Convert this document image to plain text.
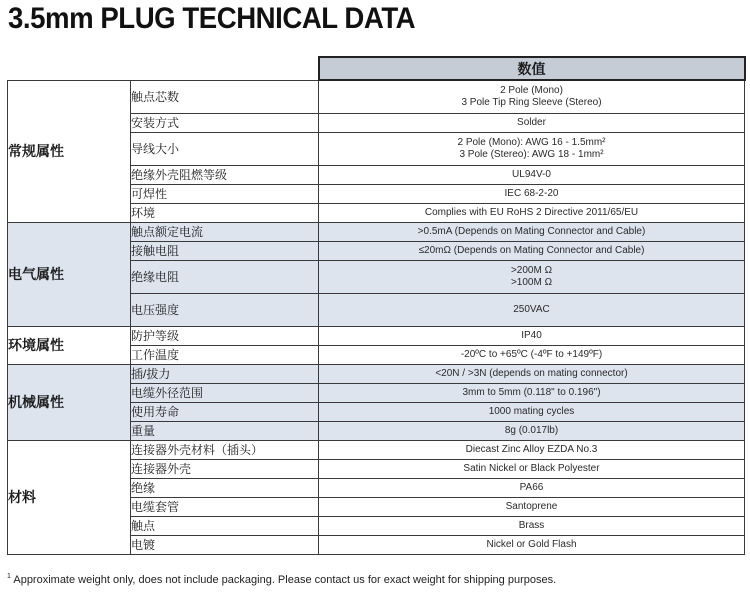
3.5mm PLUG TECHNICAL DATA
		数值
常规属性	触点芯数	2 Pole (Mono)
3 Pole Tip Ring Sleeve (Stereo)

	安装方式	Solder

	导线大小	2 Pole (Mono): AWG 16 - 1.5mm²
3 Pole (Stereo): AWG 18 - 1mm²

	绝缘外壳阻燃等级	UL94V-0

	可焊性	IEC 68-2-20

	环境	Complies with EU RoHS 2 Directive 2011/65/EU

电气属性	触点额定电流	>0.5mA (Depends on Mating Connector and Cable)

	接触电阻	≤20mΩ (Depends on Mating Connector and Cable)

	绝缘电阻	>200M Ω
>100M Ω

	电压强度	250VAC

环境属性	防护等级	IP40

	工作温度	-20ºC to +65ºC (-4ºF to +149ºF)

机械属性	插/拔力	<20N / >3N (depends on mating connector)

	电缆外径范围	3mm to 5mm (0.118" to 0.196")

	使用寿命	1000 mating cycles

	重量	8g (0.017lb)

材料	连接器外壳材料（插头）	Diecast Zinc Alloy EZDA No.3

	连接器外壳	Satin Nickel or Black Polyester

	绝缘	PA66

	电缆套管	Santoprene

	触点	Brass

	电镀	Nickel or Gold Flash
$^1$ Approximate weight only, does not include packaging. Please contact us for exact weight for shipping purposes.
